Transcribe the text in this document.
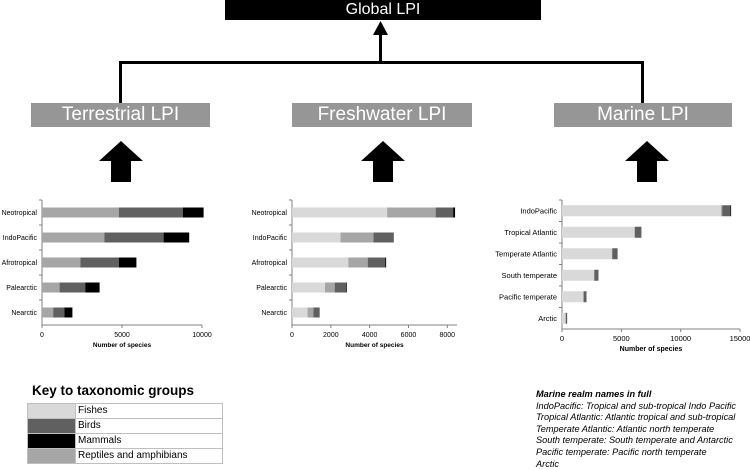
Global LPI
Terrestrial LPI	Freshwater LPI	Marine LPI
Neotropical
IndoPacific
Afrotropical
Palearctic
Nearctic
0	5000	10000
Number of species
Neotropical
IndoPacific
Afrotropical
Palearctic
Nearctic
0	2000	4000	6000	8000
Number of species
IndoPacific
Tropical Atlantic
Temperate Atlantic
South temperate
Pacific temperate
Arctic
0	5000	10000	15000
Number of species
Key to taxonomic groups
	Fishes
	Birds
	Mammals
	Reptiles and amphibians
Marine realm names in full
IndoPacific: Tropical and sub-tropical Indo Pacific
Tropical Atlantic: Atlantic tropical and sub-tropical
Temperate Atlantic: Atlantic north temperate
South temperate: South temperate and Antarctic
Pacific temperate: Pacific north temperate
Arctic
